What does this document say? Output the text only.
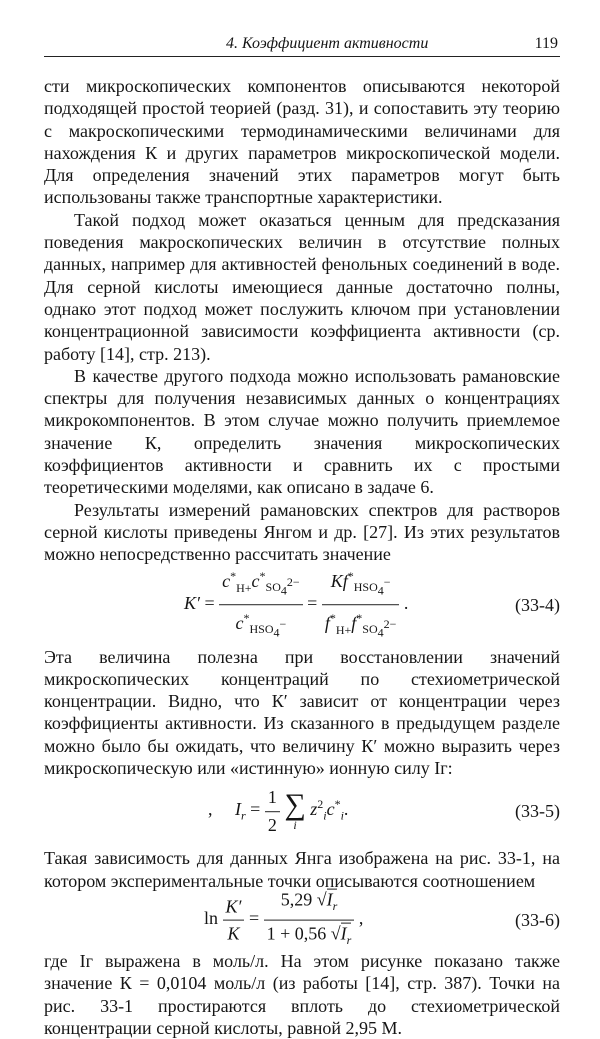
4. Коэффициент активности	119

сти микроскопических компонентов описываются некоторой подходящей простой теорией (разд. 31), и сопоставить эту теорию с макроскопическими термодинамическими величинами для нахождения К и других параметров микроскопической модели. Для определения значений этих параметров могут быть использованы также транспортные характеристики.

Такой подход может оказаться ценным для предсказания поведения макроскопических величин в отсутствие полных данных, например для активностей фенольных соединений в воде. Для серной кислоты имеющиеся данные достаточно полны, однако этот подход может послужить ключом при установлении концентрационной зависимости коэффициента активности (ср. работу [14], стр. 213).

В качестве другого подхода можно использовать рамановские спектры для получения независимых данных о концентрациях микрокомпонентов. В этом случае можно получить приемлемое значение К, определить значения микроскопических коэффициентов активности и сравнить их с простыми теоретическими моделями, как описано в задаче 6.

Результаты измерений рамановских спектров для растворов серной кислоты приведены Янгом и др. [27]. Из этих результатов можно непосредственно рассчитать значение

$K' = \frac{c^*_{H+}c^*_{SO_4^{2-}}}{c^*_{HSO_4^-}} = \frac{Kf^*_{HSO_4^-}}{f^*_{H+}f^*_{SO_4^{2-}}}$ .	(33-4)

Эта величина полезна при восстановлении значений микроскопических концентраций по стехиометрической концентрации. Видно, что К′ зависит от концентрации через коэффициенты активности. Из сказанного в предыдущем разделе можно было бы ожидать, что величину К′ можно выразить через микроскопическую или «истинную» ионную силу Iг:

,     $I_r = \frac{1}{2}$ ∑
i
$z^2_ic^*_i$.	(33-5)

Такая зависимость для данных Янга изображена на рис. 33-1, на котором экспериментальные точки описываются соотношением

$\ln \frac{K'}{K} = \frac{5,29 √I_r}{1 + 0,56 √I_r}$ ,	(33-6)

где Iг выражена в моль/л. На этом рисунке показано также значение К = 0,0104 моль/л (из работы [14], стр. 387). Точки на рис. 33-1 простираются вплоть до стехиометрической концентрации серной кислоты, равной 2,95 М.
